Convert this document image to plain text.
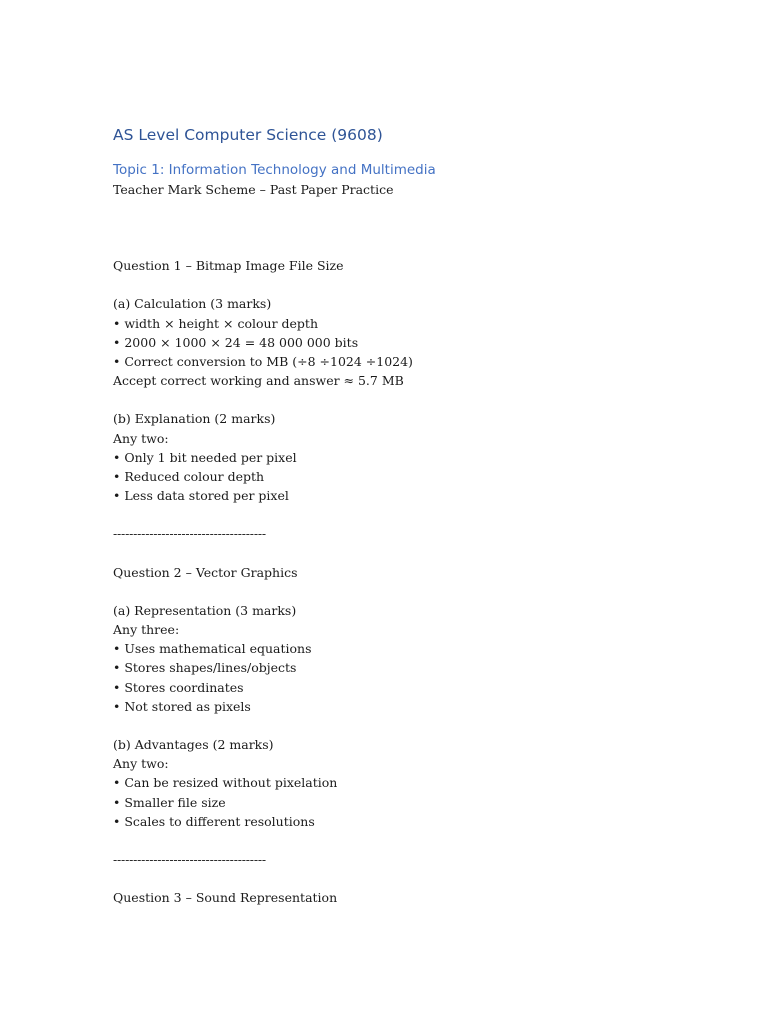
AS Level Computer Science (9608)
Topic 1: Information Technology and Multimedia

Teacher Mark Scheme – Past Paper Practice

Question 1 – Bitmap Image File Size

(a) Calculation (3 marks)

• width × height × colour depth

• 2000 × 1000 × 24 = 48 000 000 bits

• Correct conversion to MB (÷8 ÷1024 ÷1024)

Accept correct working and answer ≈ 5.7 MB

(b) Explanation (2 marks)

Any two:

• Only 1 bit needed per pixel

• Reduced colour depth

• Less data stored per pixel

--------------------------------------

Question 2 – Vector Graphics

(a) Representation (3 marks)

Any three:

• Uses mathematical equations

• Stores shapes/lines/objects

• Stores coordinates

• Not stored as pixels

(b) Advantages (2 marks)

Any two:

• Can be resized without pixelation

• Smaller file size

• Scales to different resolutions

--------------------------------------

Question 3 – Sound Representation
